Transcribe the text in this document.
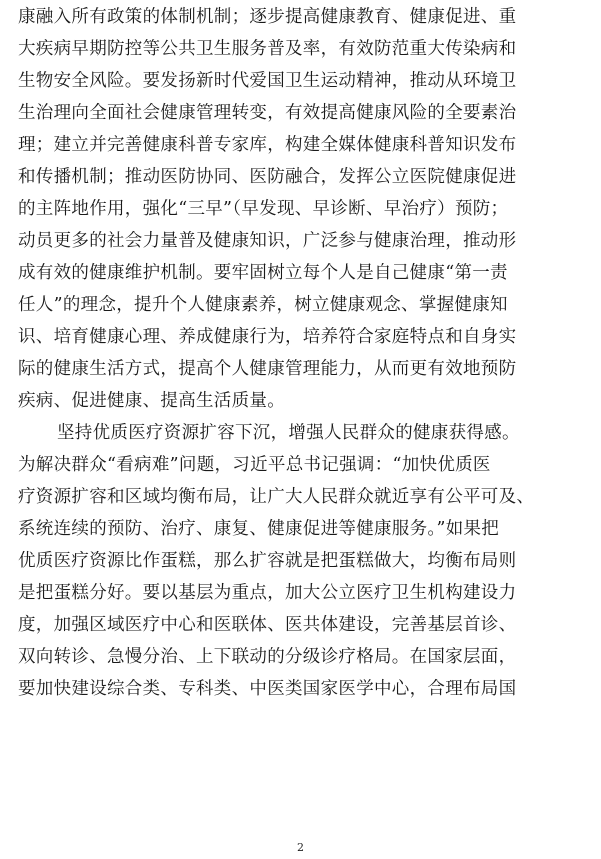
康融入所有政策的体制机制；逐步提高健康教育、健康促进、重
大疾病早期防控等公共卫生服务普及率，有效防范重大传染病和
生物安全风险。要发扬新时代爱国卫生运动精神，推动从环境卫
生治理向全面社会健康管理转变，有效提高健康风险的全要素治
理；建立并完善健康科普专家库，构建全媒体健康科普知识发布
和传播机制；推动医防协同、医防融合，发挥公立医院健康促进
的主阵地作用，强化“三早”（早发现、早诊断、早治疗）预防；
动员更多的社会力量普及健康知识，广泛参与健康治理，推动形
成有效的健康维护机制。要牢固树立每个人是自己健康“第一责
任人”的理念，提升个人健康素养，树立健康观念、掌握健康知
识、培育健康心理、养成健康行为，培养符合家庭特点和自身实
际的健康生活方式，提高个人健康管理能力，从而更有效地预防
疾病、促进健康、提高生活质量。
坚持优质医疗资源扩容下沉，增强人民群众的健康获得感。
为解决群众“看病难”问题，习近平总书记强调：“加快优质医
疗资源扩容和区域均衡布局，让广大人民群众就近享有公平可及、
系统连续的预防、治疗、康复、健康促进等健康服务。”如果把
优质医疗资源比作蛋糕，那么扩容就是把蛋糕做大，均衡布局则
是把蛋糕分好。要以基层为重点，加大公立医疗卫生机构建设力
度，加强区域医疗中心和医联体、医共体建设，完善基层首诊、
双向转诊、急慢分治、上下联动的分级诊疗格局。在国家层面，
要加快建设综合类、专科类、中医类国家医学中心，合理布局国
2
